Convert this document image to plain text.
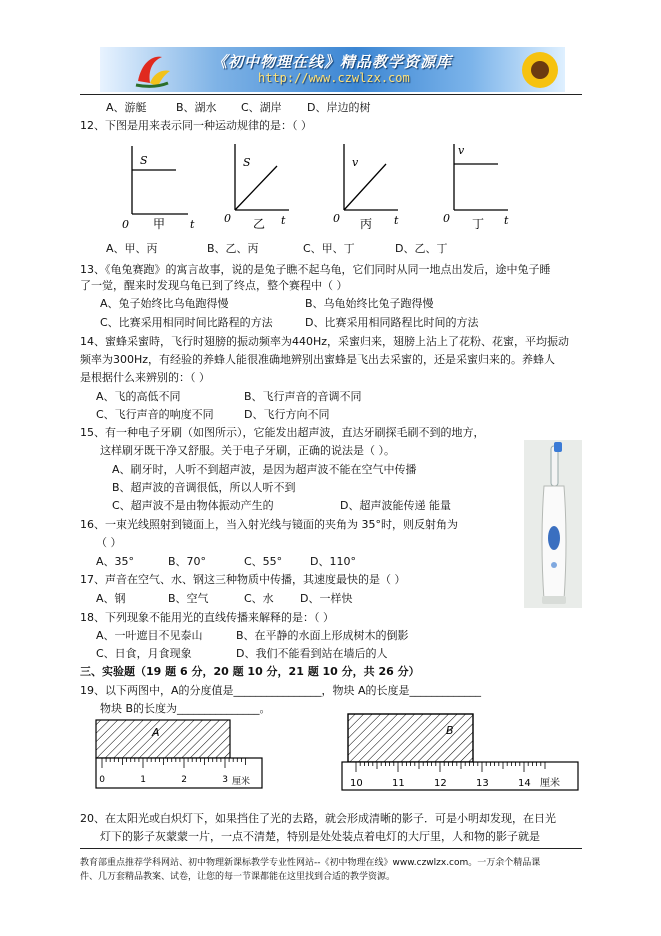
《初中物理在线》精品教学资源库
http://www.czwlzx.com
A、游艇	B、湖水 C、湖岸 D、岸边的树
12、下图是用来表示同一种运动规律的是：（ ）
S
0	t
甲
S
0	t
乙
v
0	t
丙
v
0	t
丁
A、甲、丙	B、乙、丙	C、甲、丁	D、乙、丁
13、《龟兔赛跑》的寓言故事，说的是兔子瞧不起乌龟，它们同时从同一地点出发后，途中兔子睡
了一觉，醒来时发现乌龟已到了终点，整个赛程中（ ）
A、兔子始终比乌龟跑得慢	B、乌龟始终比兔子跑得慢
C、比赛采用相同时间比路程的方法	D、比赛采用相同路程比时间的方法
14、蜜蜂采蜜時，飞行时翅膀的振动频率为440Hz，采蜜归来，翅膀上沾上了花粉、花蜜，平均振动
频率为300Hz，有经验的养蜂人能很准确地辨别出蜜蜂是飞出去采蜜的，还是采蜜归来的。养蜂人
是根据什么来辨别的：（ ）
A、飞的高低不同	B、飞行声音的音调不同
C、飞行声音的响度不同	D、飞行方向不同
15、有一种电子牙刷（如图所示），它能发出超声波，直达牙刷探毛刷不到的地方，
这样刷牙既干净又舒服。关于电子牙刷，正确的说法是（ ）。
A、刷牙时，人听不到超声波，是因为超声波不能在空气中传播
B、超声波的音调很低，所以人听不到
C、超声波不是由物体振动产生的	D、超声波能传递 能量
16、一束光线照射到镜面上，当入射光线与镜面的夹角为 35°时，则反射角为
（ ）
A、35°	B、70°	C、55°	D、110°
17、声音在空气、水、钢这三种物质中传播，其速度最快的是（ ）
A、钢	B、空气	C、水 D、一样快
18、下列现象不能用光的直线传播来解释的是：（ ）
A、一叶遮目不见泰山	B、在平静的水面上形成树木的倒影
C、日食，月食现象	D、我们不能看到站在墙后的人
三、实验题（19 题 6 分，20 题 10 分，21 题 10 分，共 26 分）
19、以下两图中，A的分度值是________________，物块 A的长度是_____________
物块 B的长度为_______________。
A
0	1	2	3 厘米
B
10	11	12	13	14 厘米
20、在太阳光或白炽灯下，如果挡住了光的去路，就会形成清晰的影子．可是小明却发现，在日光
灯下的影子灰蒙蒙一片，一点不清楚，特别是处处装点着电灯的大厅里，人和物的影子就是
教育部重点推荐学科网站、初中物理新课标教学专业性网站--《初中物理在线》www.czwlzx.com。一万余个精品课
件、几万套精品教案、试卷，让您的每一节课都能在这里找到合适的教学资源。
